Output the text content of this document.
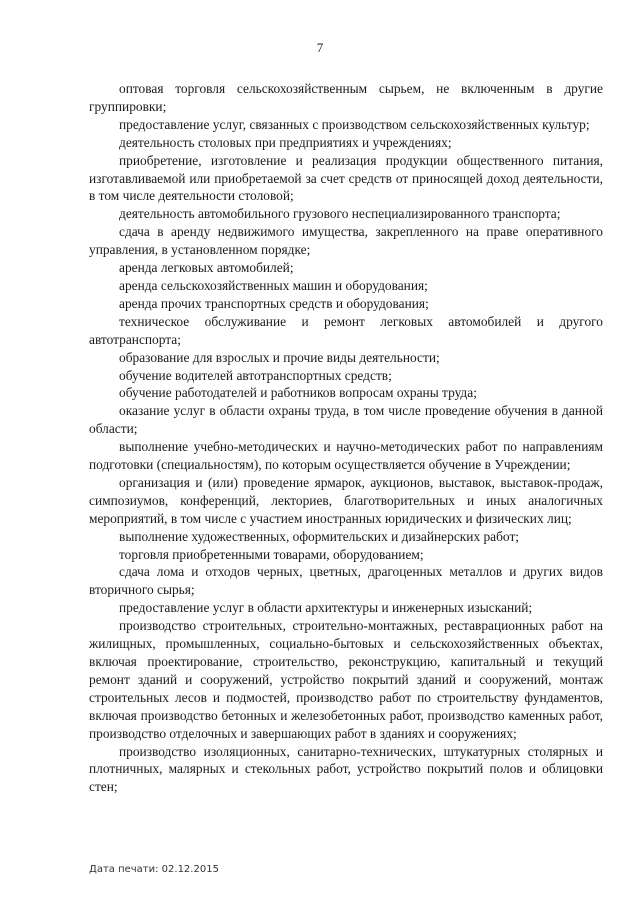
7

оптовая торговля сельскохозяйственным сырьем, не включенным в другие группировки;

предоставление услуг, связанных с производством сельскохозяйственных культур;

деятельность столовых при предприятиях и учреждениях;

приобретение, изготовление и реализация продукции общественного питания, изготавливаемой или приобретаемой за счет средств от приносящей доход деятельности, в том числе деятельности столовой;

деятельность автомобильного грузового неспециализированного транспорта;

сдача в аренду недвижимого имущества, закрепленного на праве оперативного управления, в установленном порядке;

аренда легковых автомобилей;

аренда сельскохозяйственных машин и оборудования;

аренда прочих транспортных средств и оборудования;

техническое обслуживание и ремонт легковых автомобилей и другого автотранспорта;

образование для взрослых и прочие виды деятельности;

обучение водителей автотранспортных средств;

обучение работодателей и работников вопросам охраны труда;

оказание услуг в области охраны труда, в том числе проведение обучения в данной области;

выполнение учебно-методических и научно-методических работ по направлениям подготовки (специальностям), по которым осуществляется обучение в Учреждении;

организация и (или) проведение ярмарок, аукционов, выставок, выставок-продаж, симпозиумов, конференций, лекториев, благотворительных и иных аналогичных мероприятий, в том числе с участием иностранных юридических и физических лиц;

выполнение художественных, оформительских и дизайнерских работ;

торговля приобретенными товарами, оборудованием;

сдача лома и отходов черных, цветных, драгоценных металлов и других видов вторичного сырья;

предоставление услуг в области архитектуры и инженерных изысканий;

производство строительных, строительно-монтажных, реставрационных работ на жилищных, промышленных, социально-бытовых и сельскохозяйственных объектах, включая проектирование, строительство, реконструкцию, капитальный и текущий ремонт зданий и сооружений, устройство покрытий зданий и сооружений, монтаж строительных лесов и подмостей, производство работ по строительству фундаментов, включая производство бетонных и железобетонных работ, производство каменных работ, производство отделочных и завершающих работ в зданиях и сооружениях;

производство изоляционных, санитарно-технических, штукатурных столярных и плотничных, малярных и стекольных работ, устройство покрытий полов и облицовки стен;

Дата печати: 02.12.2015
